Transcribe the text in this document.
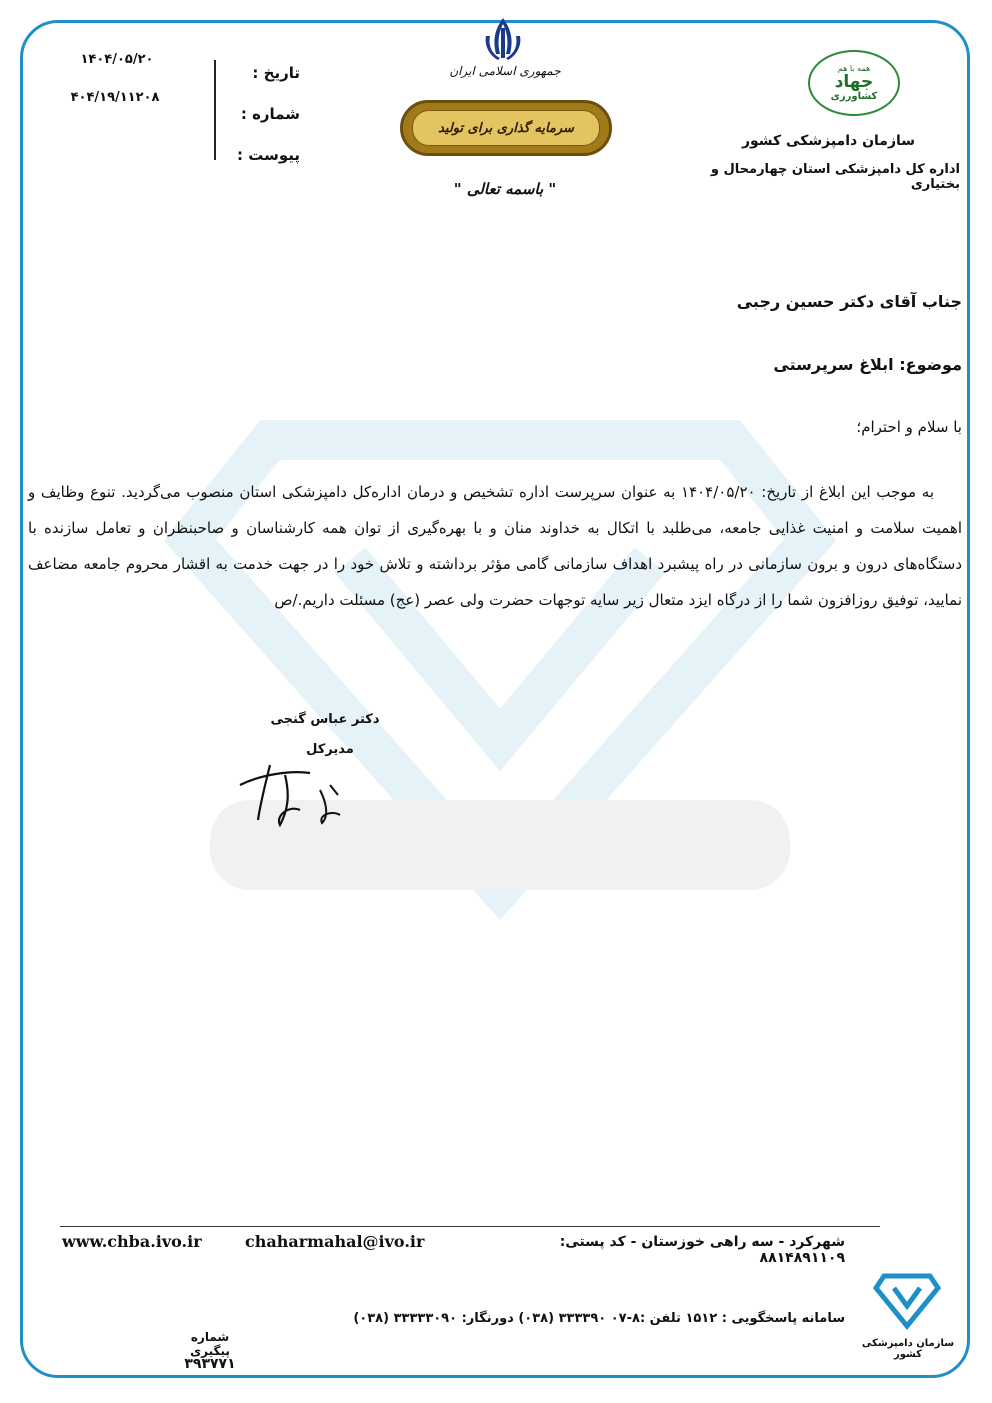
۱۴۰۴/۰۵/۲۰
۴۰۴/۱۹/۱۱۲۰۸
تاریخ :
شماره :
پیوست :
جمهوری اسلامی ایران
سرمایه گذاری برای تولید
" باسمه تعالی "
همه با هم
جهاد
کشاورزی
سازمان دامپزشکی کشور
اداره کل دامپزشکی استان چهارمحال و بختیاری
جناب آقای دکتر حسین رجبی
موضوع: ابلاغ سرپرستی
با سلام و احترام؛
به موجب این ابلاغ از تاریخ: ۱۴۰۴/۰۵/۲۰ به عنوان سرپرست اداره تشخیص و درمان اداره‌کل دامپزشکی استان منصوب می‌گردید. تنوع وظایف و اهمیت سلامت و امنیت غذایی جامعه، می‌طلبد با اتکال به خداوند منان و با بهره‌گیری از توان همه کارشناسان و صاحبنظران و تعامل سازنده با دستگاه‌های درون و برون سازمانی در راه پیشبرد اهداف سازمانی گامی مؤثر برداشته و تلاش خود را در جهت خدمت به اقشار محروم جامعه مضاعف نمایید، توفیق روزافزون شما را از درگاه ایزد متعال زیر سایه توجهات حضرت ولی عصر (عج) مسئلت داریم./ص
دکتر عباس گنجی
مدیرکل
www.chba.ivo.ir	chaharmahal@ivo.ir	شهرکرد - سه راهی خوزستان - کد پستی: ۸۸۱۴۸۹۱۱۰۹
سامانه پاسخگویی : ۱۵۱۲ تلفن :۸-۰۷ ۳۳۳۳۹۰ (۰۳۸) دورنگار: ۳۳۳۳۳۰۹۰ (۰۳۸)
شماره پیگیری
۳۹۳۷۷۱
سازمان دامپزشکی کشور
